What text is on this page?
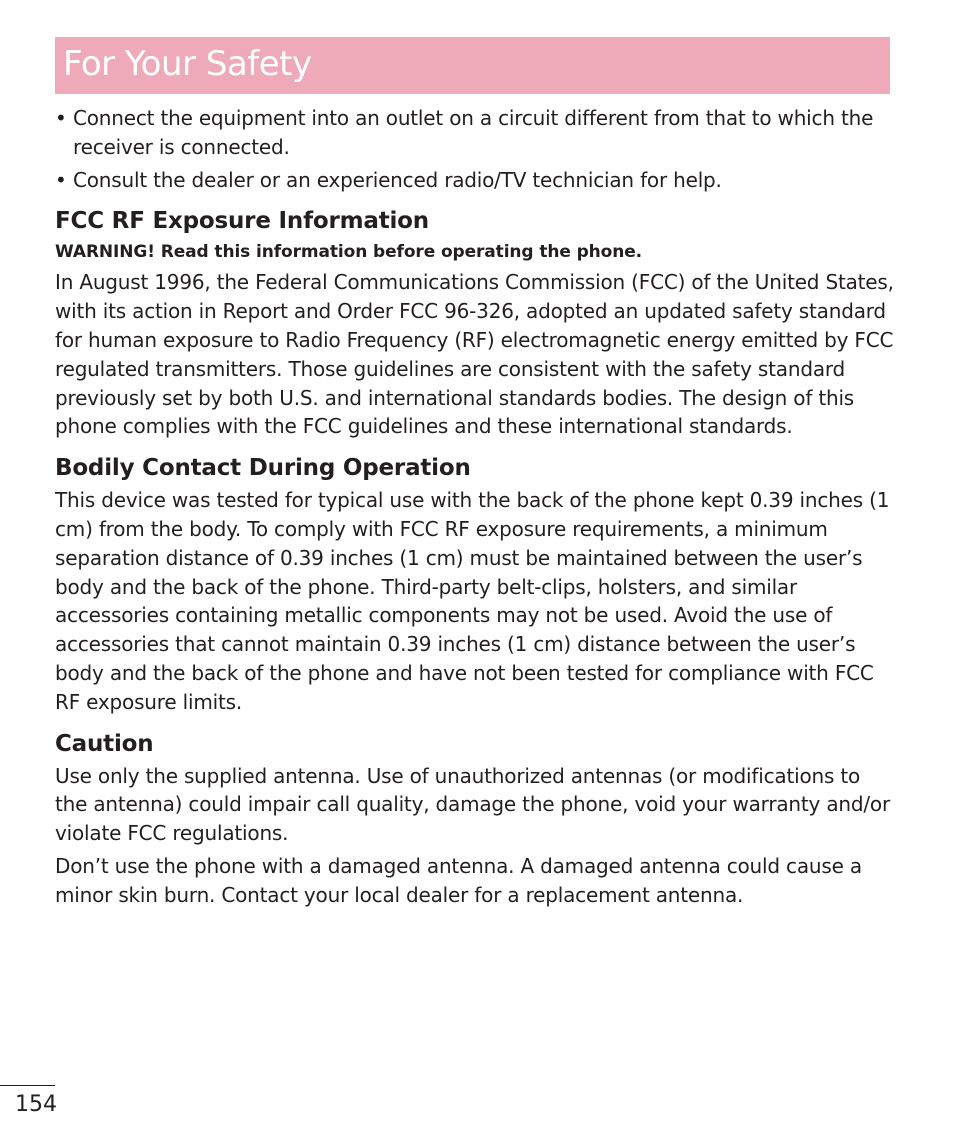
For Your Safety
• Connect the equipment into an outlet on a circuit different from that to which the receiver is connected.
• Consult the dealer or an experienced radio/TV technician for help.
FCC RF Exposure Information

WARNING! Read this information before operating the phone.

In August 1996, the Federal Communications Commission (FCC) of the United States, with its action in Report and Order FCC 96-326, adopted an updated safety standard for human exposure to Radio Frequency (RF) electromagnetic energy emitted by FCC regulated transmitters. Those guidelines are consistent with the safety standard previously set by both U.S. and international standards bodies. The design of this phone complies with the FCC guidelines and these international standards.

Bodily Contact During Operation

This device was tested for typical use with the back of the phone kept 0.39 inches (1 cm) from the body. To comply with FCC RF exposure requirements, a minimum separation distance of 0.39 inches (1 cm) must be maintained between the user’s body and the back of the phone. Third-party belt-clips, holsters, and similar accessories containing metallic components may not be used. Avoid the use of accessories that cannot maintain 0.39 inches (1 cm) distance between the user’s body and the back of the phone and have not been tested for compliance with FCC RF exposure limits.

Caution

Use only the supplied antenna. Use of unauthorized antennas (or modifications to the antenna) could impair call quality, damage the phone, void your warranty and/or violate FCC regulations.

Don’t use the phone with a damaged antenna. A damaged antenna could cause a minor skin burn. Contact your local dealer for a replacement antenna.

154
